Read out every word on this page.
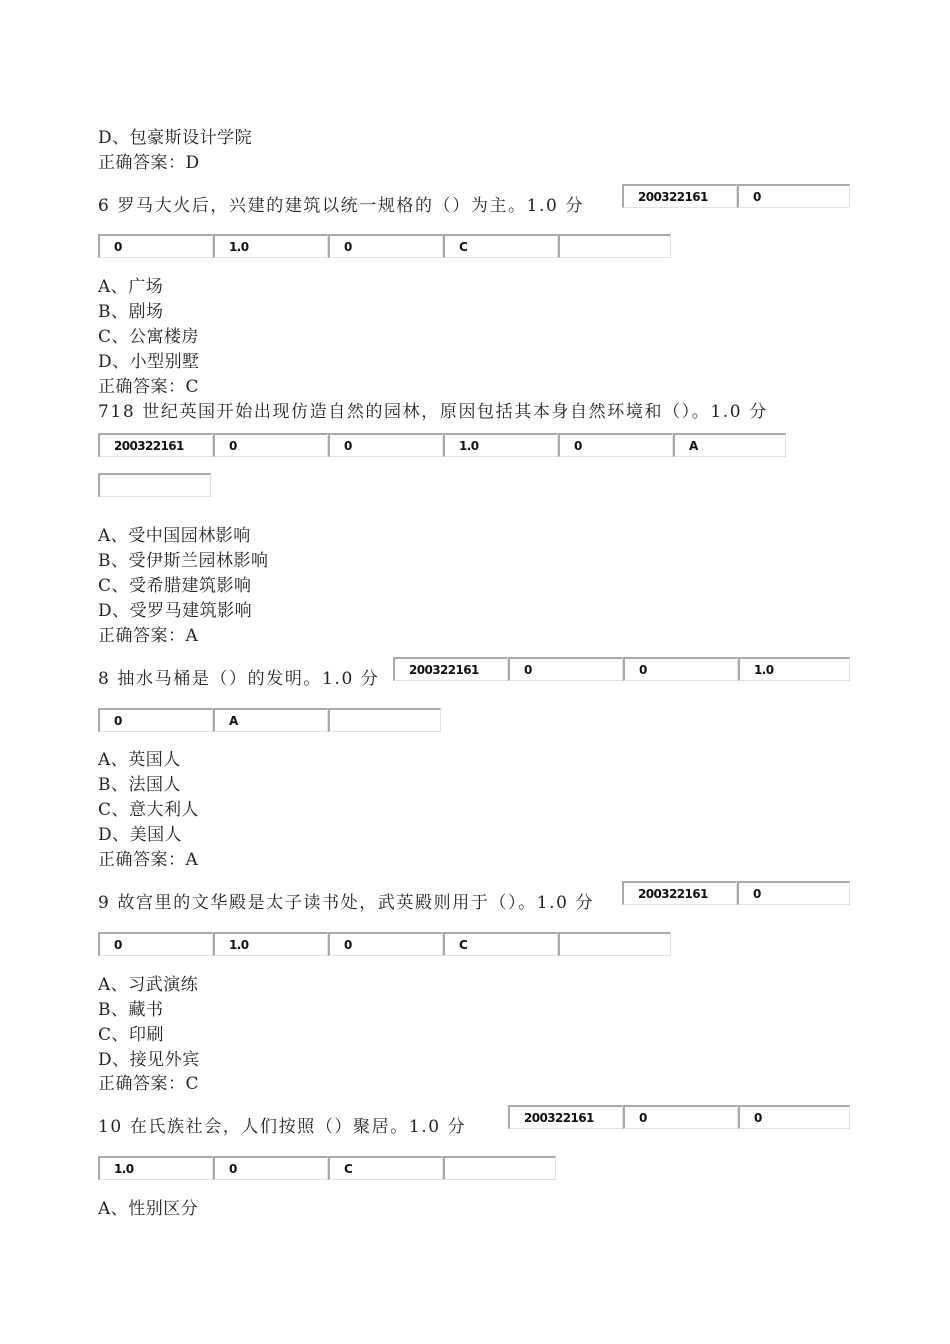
D、包豪斯设计学院
正确答案：D
6 罗马大火后，兴建的建筑以统一规格的（）为主。1.0 分	200322161	0
0	1.0	0	C
A、广场
B、剧场
C、公寓楼房
D、小型别墅
正确答案：C
718 世纪英国开始出现仿造自然的园林，原因包括其本身自然环境和（）。1.0 分
200322161	0	0	1.0	0	A
A、受中国园林影响
B、受伊斯兰园林影响
C、受希腊建筑影响
D、受罗马建筑影响
正确答案：A
8 抽水马桶是（）的发明。1.0 分	200322161	0	0	1.0
0	A
A、英国人
B、法国人
C、意大利人
D、美国人
正确答案：A
9 故宫里的文华殿是太子读书处，武英殿则用于（）。1.0 分	200322161	0
0	1.0	0	C
A、习武演练
B、藏书
C、印刷
D、接见外宾
正确答案：C
10 在氏族社会，人们按照（）聚居。1.0 分	200322161	0	0
1.0	0	C
A、性别区分
